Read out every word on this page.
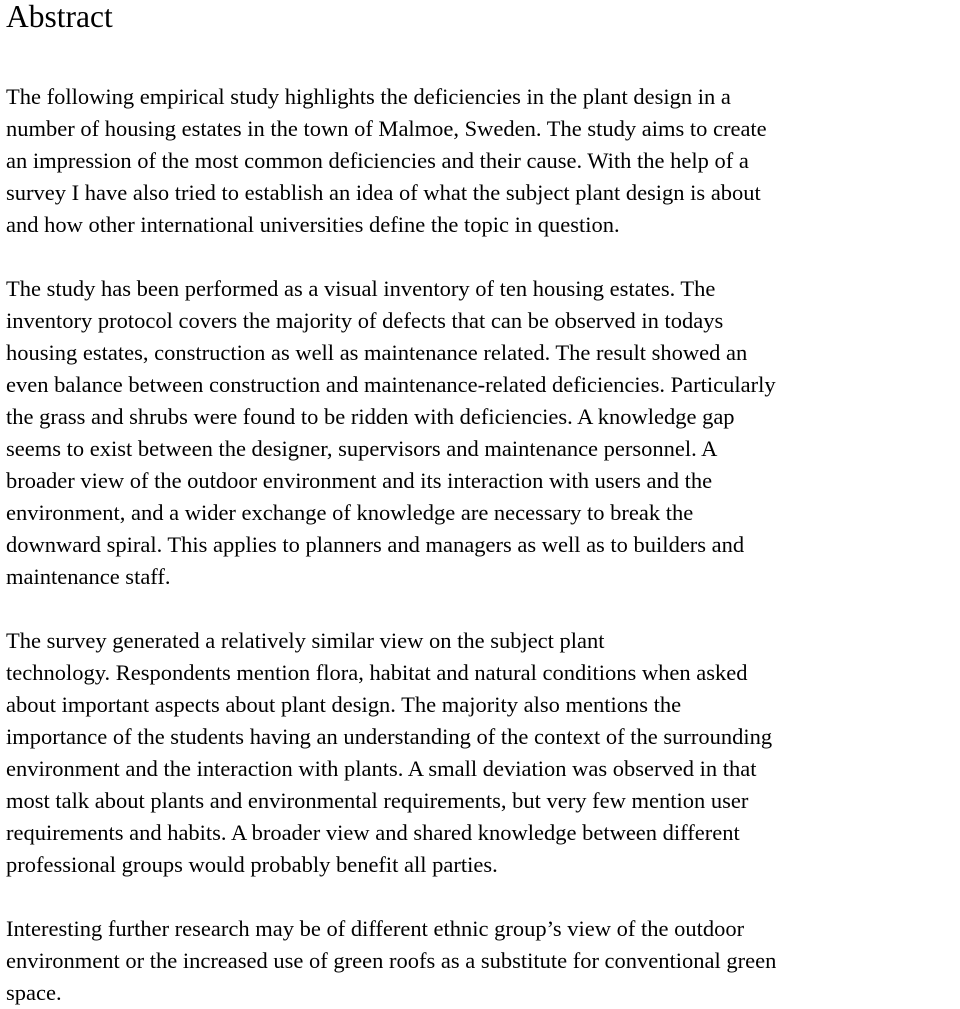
Abstract

The following empirical study highlights the deficiencies in the plant design in a
number of housing estates in the town of Malmoe, Sweden. The study aims to create
an impression of the most common deficiencies and their cause. With the help of a
survey I have also tried to establish an idea of what the subject plant design is about
and how other international universities define the topic in question.

The study has been performed as a visual inventory of ten housing estates. The
inventory protocol covers the majority of defects that can be observed in todays
housing estates, construction as well as maintenance related. The result showed an
even balance between construction and maintenance-related deficiencies. Particularly
the grass and shrubs were found to be ridden with deficiencies. A knowledge gap
seems to exist between the designer, supervisors and maintenance personnel. A
broader view of the outdoor environment and its interaction with users and the
environment, and a wider exchange of knowledge are necessary to break the
downward spiral. This applies to planners and managers as well as to builders and
maintenance staff.

The survey generated a relatively similar view on the subject plant
technology. Respondents mention flora, habitat and natural conditions when asked
about important aspects about plant design. The majority also mentions the
importance of the students having an understanding of the context of the surrounding
environment and the interaction with plants. A small deviation was observed in that
most talk about plants and environmental requirements, but very few mention user
requirements and habits. A broader view and shared knowledge between different
professional groups would probably benefit all parties.

Interesting further research may be of different ethnic group’s view of the outdoor
environment or the increased use of green roofs as a substitute for conventional green
space.
